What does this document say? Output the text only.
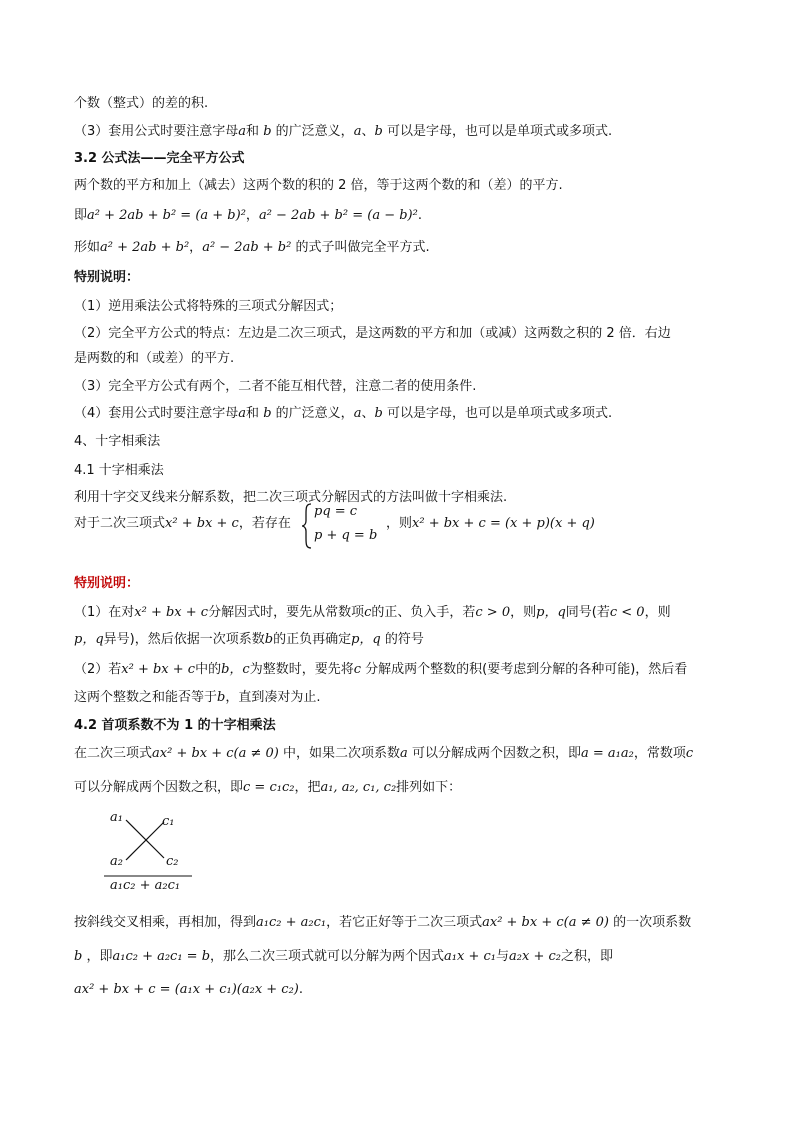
个数（整式）的差的积.
（3）套用公式时要注意字母a和 b 的广泛意义，a、b 可以是字母，也可以是单项式或多项式.
3.2 公式法——完全平方公式
两个数的平方和加上（减去）这两个数的积的 2 倍，等于这两个数的和（差）的平方.
即a² + 2ab + b² = (a + b)²，a² − 2ab + b² = (a − b)².
形如a² + 2ab + b²，a² − 2ab + b² 的式子叫做完全平方式.
特别说明：
（1）逆用乘法公式将特殊的三项式分解因式；
（2）完全平方公式的特点：左边是二次三项式，是这两数的平方和加（或减）这两数之积的 2 倍．右边
是两数的和（或差）的平方.
（3）完全平方公式有两个，二者不能互相代替，注意二者的使用条件.
（4）套用公式时要注意字母a和 b 的广泛意义，a、b 可以是字母，也可以是单项式或多项式.
4、十字相乘法
4.1 十字相乘法
利用十字交叉线来分解系数，把二次三项式分解因式的方法叫做十字相乘法.
对于二次三项式x² + bx + c，若存在
pq = c
p + q = b
，则x² + bx + c = (x + p)(x + q)
特别说明：
（1）在对x² + bx + c分解因式时，要先从常数项c的正、负入手，若c > 0，则p，q同号(若c < 0，则
p，q异号)，然后依据一次项系数b的正负再确定p，q 的符号
（2）若x² + bx + c中的b，c为整数时，要先将c 分解成两个整数的积(要考虑到分解的各种可能)，然后看
这两个整数之和能否等于b，直到凑对为止.
4.2 首项系数不为 1 的十字相乘法
在二次三项式ax² + bx + c(a ≠ 0) 中，如果二次项系数a 可以分解成两个因数之积，即a = a₁a₂，常数项c
可以分解成两个因数之积，即c = c₁c₂，把a₁, a₂, c₁, c₂排列如下：
a₁	c₁
a₂	c₂
a₁c₂ + a₂c₁
按斜线交叉相乘，再相加，得到a₁c₂ + a₂c₁，若它正好等于二次三项式ax² + bx + c(a ≠ 0) 的一次项系数
b ，即a₁c₂ + a₂c₁ = b，那么二次三项式就可以分解为两个因式a₁x + c₁与a₂x + c₂之积，即
ax² + bx + c = (a₁x + c₁)(a₂x + c₂).
